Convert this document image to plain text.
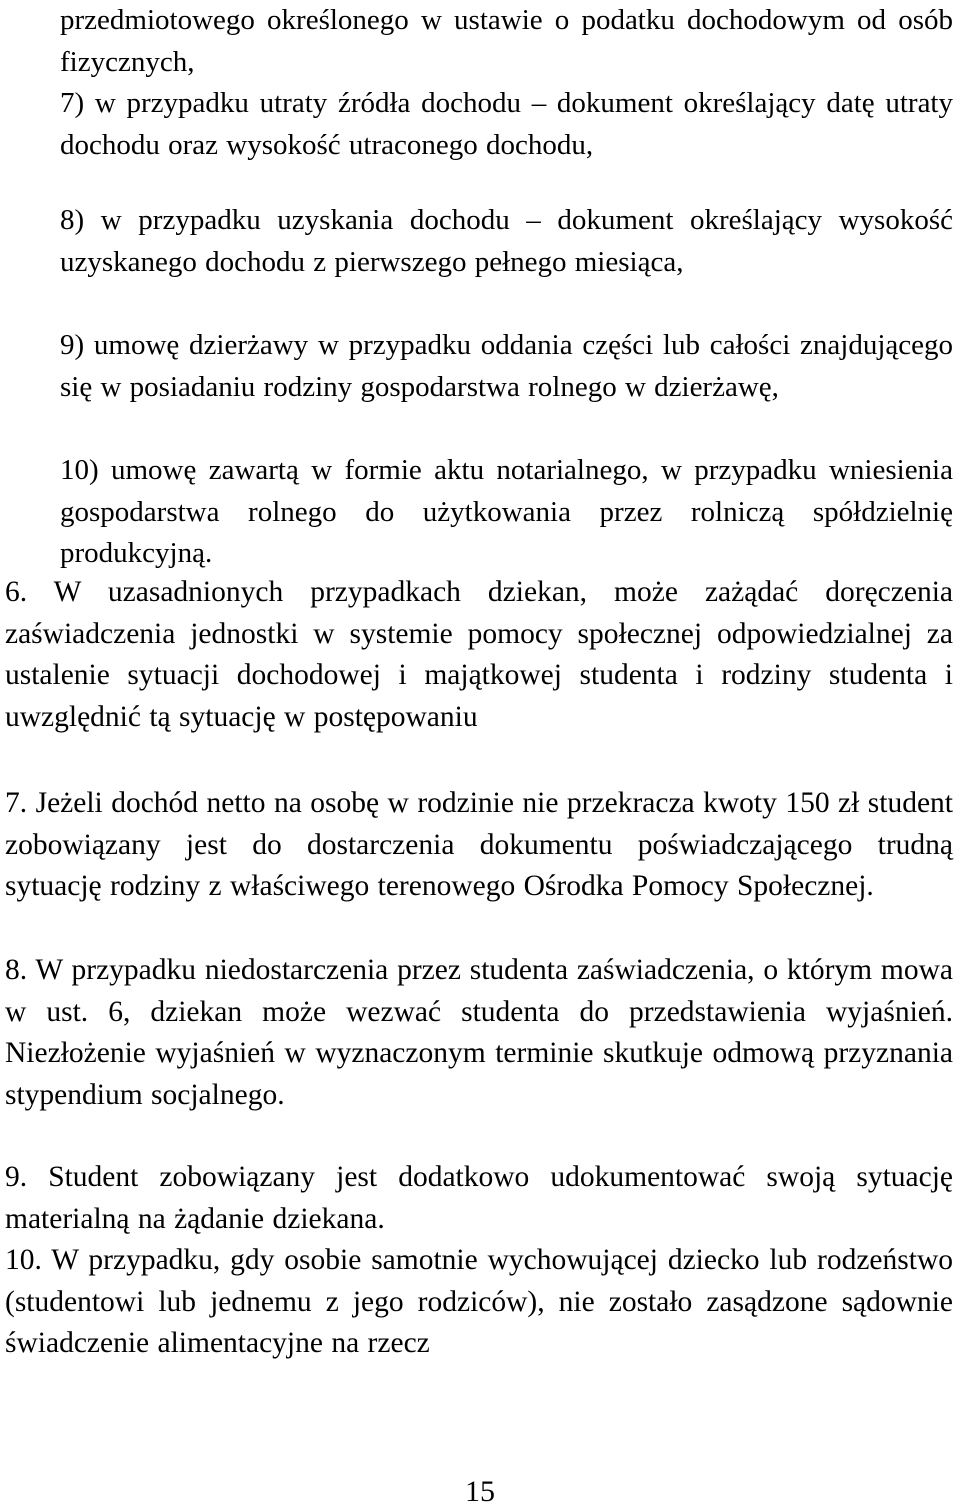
przedmiotowego określonego w ustawie o podatku dochodowym od osób fizycznych,
7) w przypadku utraty źródła dochodu – dokument określający datę utraty dochodu oraz wysokość utraconego dochodu,
8) w przypadku uzyskania dochodu – dokument określający wysokość uzyskanego dochodu z pierwszego pełnego miesiąca,
9) umowę dzierżawy w przypadku oddania części lub całości znajdującego się w posiadaniu rodziny gospodarstwa rolnego w dzierżawę,
10) umowę zawartą w formie aktu notarialnego, w przypadku wniesienia gospodarstwa rolnego do użytkowania przez rolniczą spółdzielnię produkcyjną.
6. W uzasadnionych przypadkach dziekan, może zażądać doręczenia zaświadczenia jednostki w systemie pomocy społecznej odpowiedzialnej za ustalenie sytuacji dochodowej i majątkowej studenta i rodziny studenta i uwzględnić tą sytuację w postępowaniu
7. Jeżeli dochód netto na osobę w rodzinie nie przekracza kwoty 150 zł student zobowiązany jest do dostarczenia dokumentu poświadczającego trudną sytuację rodziny z właściwego terenowego Ośrodka Pomocy Społecznej.
8. W przypadku niedostarczenia przez studenta zaświadczenia, o którym mowa w ust. 6, dziekan może wezwać studenta do przedstawienia wyjaśnień. Niezłożenie wyjaśnień w wyznaczonym terminie skutkuje odmową przyznania stypendium socjalnego.
9. Student zobowiązany jest dodatkowo udokumentować swoją sytuację materialną na żądanie dziekana.
10. W przypadku, gdy osobie samotnie wychowującej dziecko lub rodzeństwo (studentowi lub jednemu z jego rodziców), nie zostało zasądzone sądownie świadczenie alimentacyjne na rzecz
15
